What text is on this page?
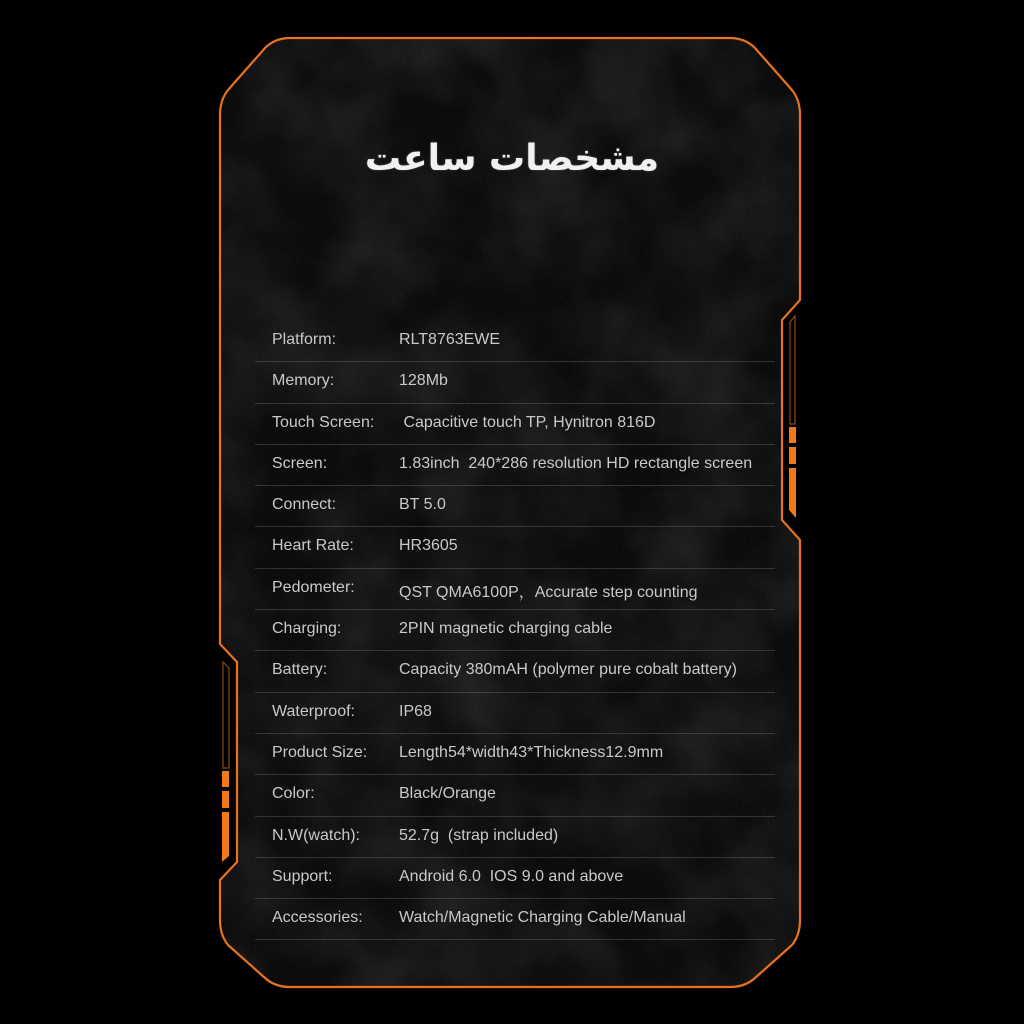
مشخصات ساعت
Platform:	RLT8763EWE
Memory:	128Mb
Touch Screen: Capacitive touch TP, Hynitron 816D
Screen:	1.83inch  240*286 resolution HD rectangle screen
Connect:	BT 5.0
Heart Rate:	HR3605
Pedometer:	QST QMA6100P，Accurate step counting
Charging:	2PIN magnetic charging cable
Battery:	Capacity 380mAH (polymer pure cobalt battery)
Waterproof:	IP68
Product Size: Length54*width43*Thickness12.9mm
Color:	Black/Orange
N.W(watch): 52.7g  (strap included)
Support:	Android 6.0  IOS 9.0 and above
Accessories: Watch/Magnetic Charging Cable/Manual
